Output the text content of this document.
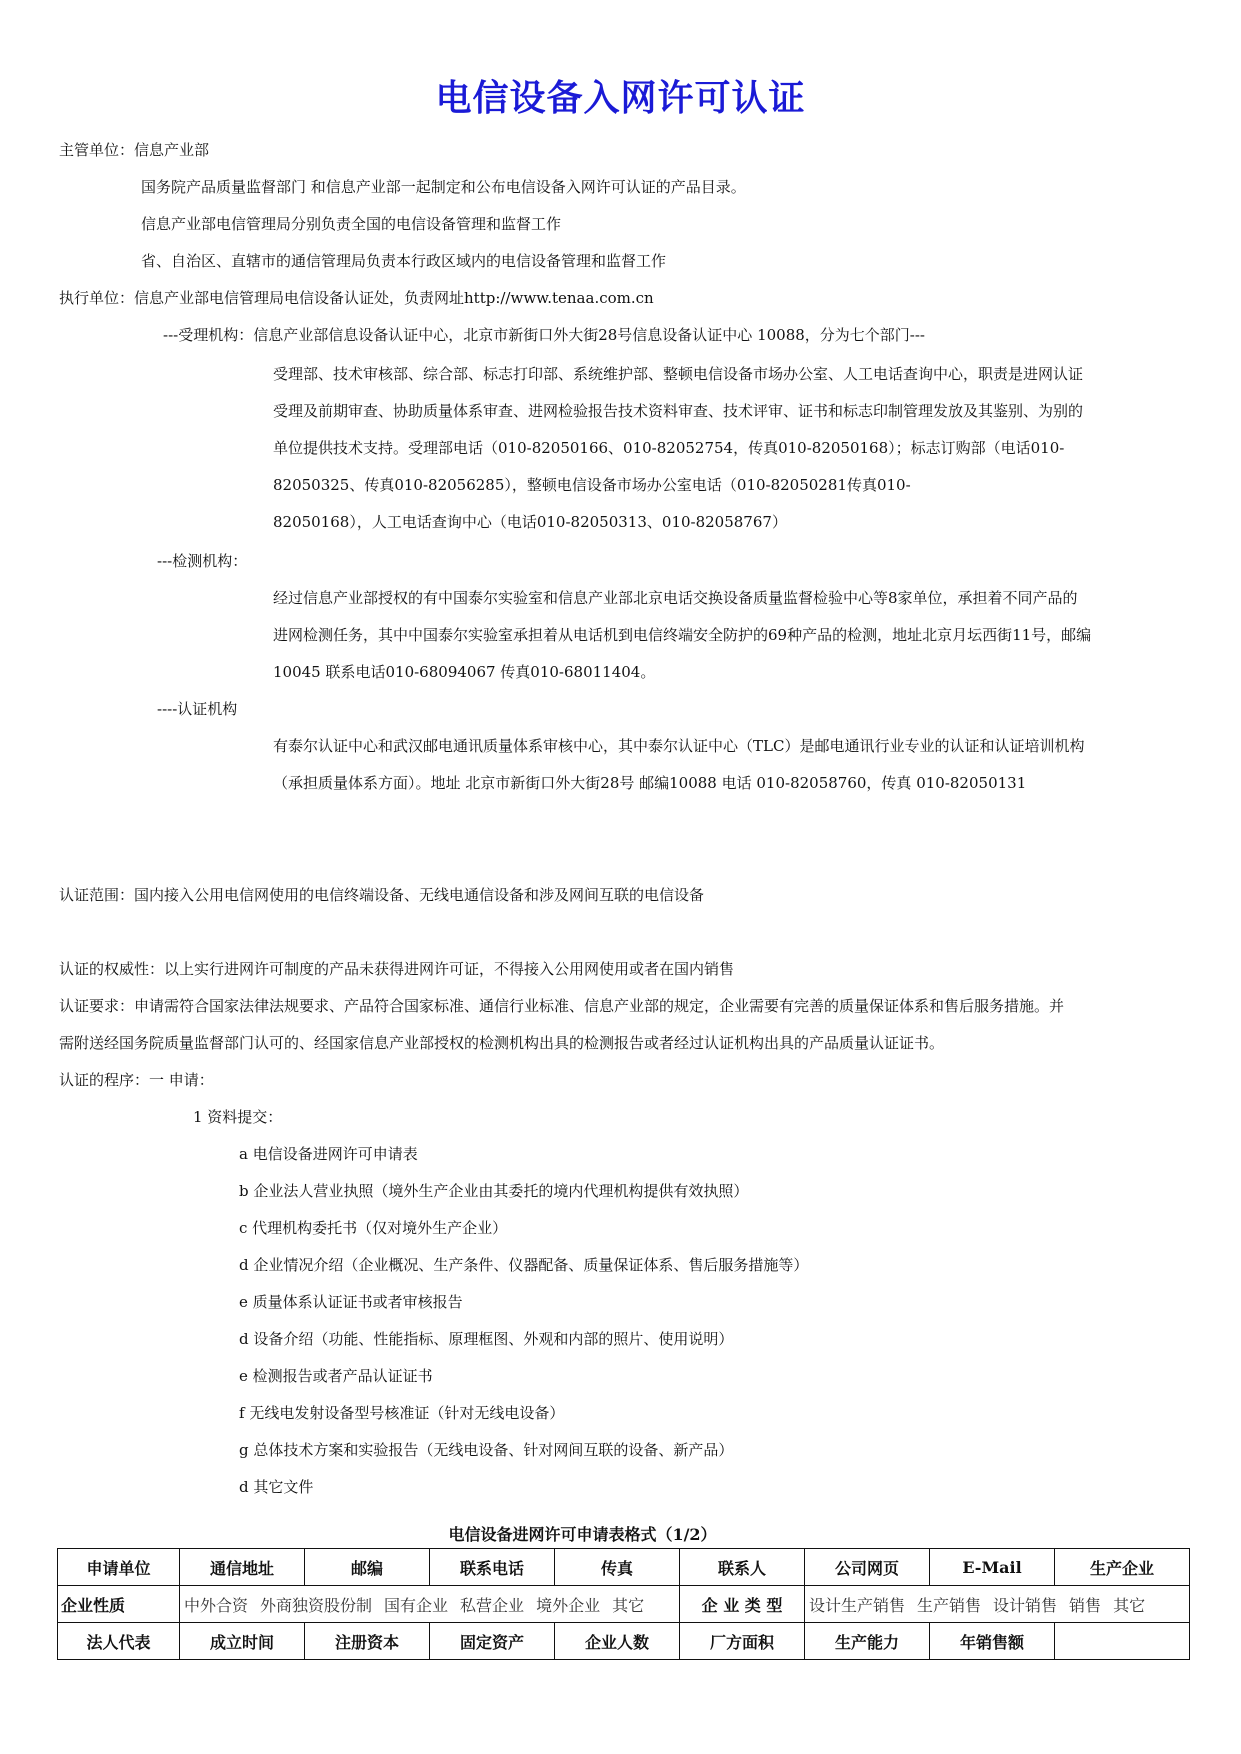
电信设备入网许可认证
主管单位：信息产业部
国务院产品质量监督部门 和信息产业部一起制定和公布电信设备入网许可认证的产品目录。
信息产业部电信管理局分别负责全国的电信设备管理和监督工作
省、自治区、直辖市的通信管理局负责本行政区域内的电信设备管理和监督工作
执行单位：信息产业部电信管理局电信设备认证处，负责网址http://www.tenaa.com.cn
---受理机构：信息产业部信息设备认证中心，北京市新街口外大街28号信息设备认证中心 10088，分为七个部门---
受理部、技术审核部、综合部、标志打印部、系统维护部、整顿电信设备市场办公室、人工电话查询中心，职责是进网认证
受理及前期审查、协助质量体系审查、进网检验报告技术资料审查、技术评审、证书和标志印制管理发放及其鉴别、为别的
单位提供技术支持。受理部电话（010-82050166、010-82052754，传真010-82050168）；标志订购部（电话010-
82050325、传真010-82056285），整顿电信设备市场办公室电话（010-82050281传真010-
82050168），人工电话查询中心（电话010-82050313、010-82058767）
---检测机构：
经过信息产业部授权的有中国泰尔实验室和信息产业部北京电话交换设备质量监督检验中心等8家单位，承担着不同产品的
进网检测任务，其中中国泰尔实验室承担着从电话机到电信终端安全防护的69种产品的检测，地址北京月坛西街11号，邮编
10045 联系电话010-68094067 传真010-68011404。
----认证机构
有泰尔认证中心和武汉邮电通讯质量体系审核中心，其中泰尔认证中心（TLC）是邮电通讯行业专业的认证和认证培训机构
（承担质量体系方面）。地址 北京市新街口外大街28号 邮编10088 电话 010-82058760，传真 010-82050131
认证范围：国内接入公用电信网使用的电信终端设备、无线电通信设备和涉及网间互联的电信设备
认证的权威性：以上实行进网许可制度的产品未获得进网许可证，不得接入公用网使用或者在国内销售
认证要求：申请需符合国家法律法规要求、产品符合国家标准、通信行业标准、信息产业部的规定，企业需要有完善的质量保证体系和售后服务措施。并
需附送经国务院质量监督部门认可的、经国家信息产业部授权的检测机构出具的检测报告或者经过认证机构出具的产品质量认证证书。
认证的程序：一 申请：
1 资料提交：
a 电信设备进网许可申请表
b 企业法人营业执照（境外生产企业由其委托的境内代理机构提供有效执照）
c 代理机构委托书（仅对境外生产企业）
d 企业情况介绍（企业概况、生产条件、仪器配备、质量保证体系、售后服务措施等）
e 质量体系认证证书或者审核报告
d 设备介绍（功能、性能指标、原理框图、外观和内部的照片、使用说明）
e 检测报告或者产品认证证书
f 无线电发射设备型号核准证（针对无线电设备）
g 总体技术方案和实验报告（无线电设备、针对网间互联的设备、新产品）
d 其它文件
电信设备进网许可申请表格式（1/2）
申请单位	通信地址	邮编	联系电话	传真	联系人	公司网页	E-Mail	生产企业
企业性质	中外合资 外商独资股份制 国有企业 私营企业 境外企业 其它				企 业 类 型	设计生产销售 生产销售 设计销售 销售 其它		
法人代表	成立时间	注册资本	固定资产	企业人数	厂方面积	生产能力	年销售额	
